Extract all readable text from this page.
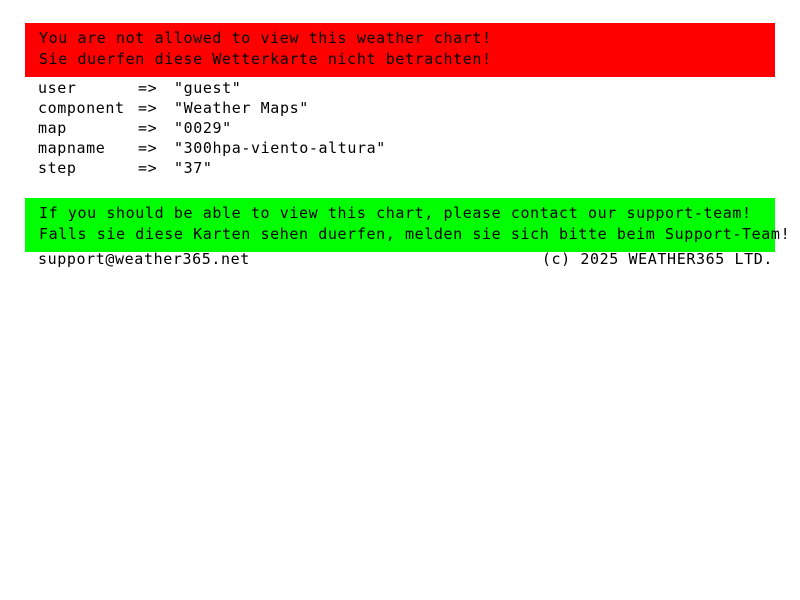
You are not allowed to view this weather chart!
Sie duerfen diese Wetterkarte nicht betrachten!
user	=>	"guest"
component =>	"Weather Maps"
map	=>	"0029"
mapname	=>	"300hpa-viento-altura"
step	=>	"37"
If you should be able to view this chart, please contact our support-team!
Falls sie diese Karten sehen duerfen, melden sie sich bitte beim Support-Team!
support@weather365.net	(c) 2025 WEATHER365 LTD.
